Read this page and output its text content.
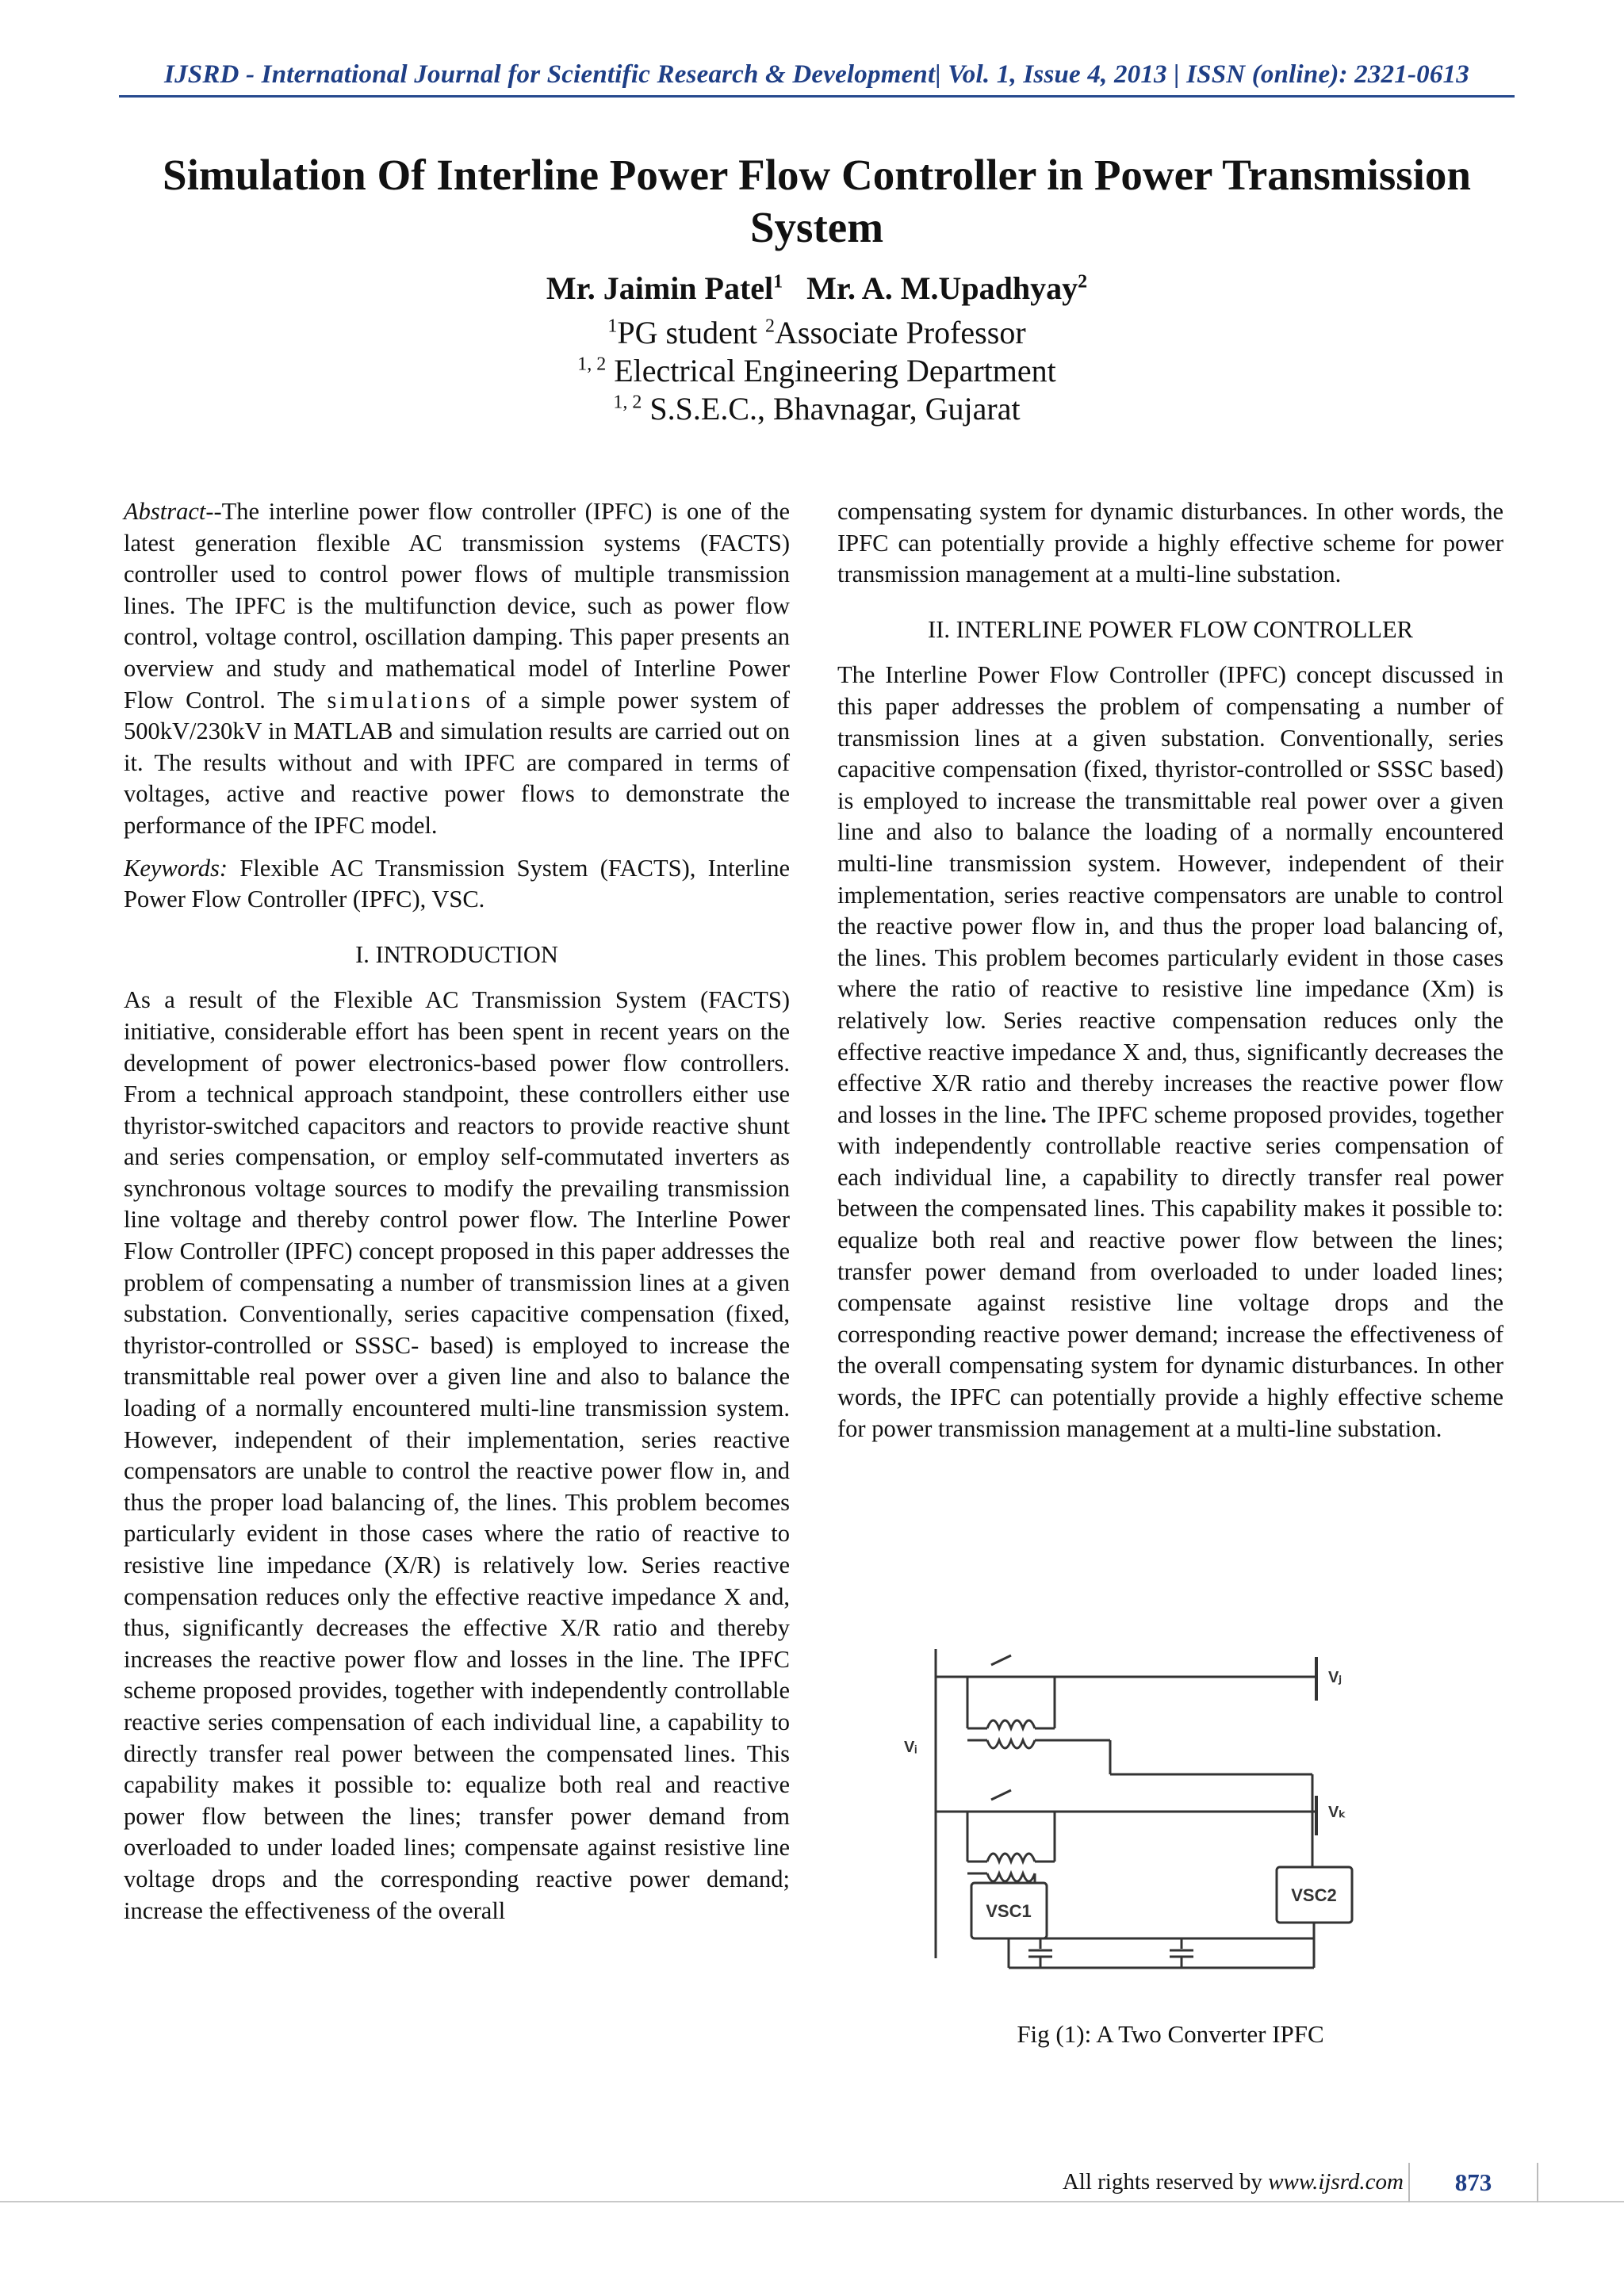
IJSRD - International Journal for Scientific Research & Development| Vol. 1, Issue 4, 2013 | ISSN (online): 2321-0613
Simulation Of Interline Power Flow Controller in Power Transmission System
Mr. Jaimin Patel$^1$ Mr. A. M.Upadhyay$^2$
$^1$PG student $^2$Associate Professor
$^{1, 2}$ Electrical Engineering Department
$^{1, 2}$ S.S.E.C., Bhavnagar, Gujarat

Abstract--The interline power flow controller (IPFC) is one of the latest generation flexible AC transmission systems (FACTS) controller used to control power flows of multiple transmission lines. The IPFC is the multifunction device, such as power flow control, voltage control, oscillation damping. This paper presents an overview and study and mathematical model of Interline Power Flow Control. The simulations of a simple power system of 500kV/230kV in MATLAB and simulation results are carried out on it. The results without and with IPFC are compared in terms of voltages, active and reactive power flows to demonstrate the performance of the IPFC model.

Keywords: Flexible AC Transmission System (FACTS), Interline Power Flow Controller (IPFC), VSC.

I. INTRODUCTION

As a result of the Flexible AC Transmission System (FACTS) initiative, considerable effort has been spent in recent years on the development of power electronics-based power flow controllers. From a technical approach standpoint, these controllers either use thyristor-switched capacitors and reactors to provide reactive shunt and series compensation, or employ self-commutated inverters as synchronous voltage sources to modify the prevailing transmission line voltage and thereby control power flow. The Interline Power Flow Controller (IPFC) concept proposed in this paper addresses the problem of compensating a number of transmission lines at a given substation. Conventionally, series capacitive compensation (fixed, thyristor-controlled or SSSC- based) is employed to increase the transmittable real power over a given line and also to balance the loading of a normally encountered multi-line transmission system. However, independent of their implementation, series reactive compensators are unable to control the reactive power flow in, and thus the proper load balancing of, the lines. This problem becomes particularly evident in those cases where the ratio of reactive to resistive line impedance (X/R) is relatively low. Series reactive compensation reduces only the effective reactive impedance X and, thus, significantly decreases the effective X/R ratio and thereby increases the reactive power flow and losses in the line. The IPFC scheme proposed provides, together with independently controllable reactive series compensation of each individual line, a capability to directly transfer real power between the compensated lines. This capability makes it possible to: equalize both real and reactive power flow between the lines; transfer power demand from overloaded to under loaded lines; compensate against resistive line voltage drops and the corresponding reactive power demand; increase the effectiveness of the overall

compensating system for dynamic disturbances. In other words, the IPFC can potentially provide a highly effective scheme for power transmission management at a multi-line substation.

II. INTERLINE POWER FLOW CONTROLLER

The Interline Power Flow Controller (IPFC) concept discussed in this paper addresses the problem of compensating a number of transmission lines at a given substation. Conventionally, series capacitive compensation (fixed, thyristor-controlled or SSSC based) is employed to increase the transmittable real power over a given line and also to balance the loading of a normally encountered multi-line transmission system. However, independent of their implementation, series reactive compensators are unable to control the reactive power flow in, and thus the proper load balancing of, the lines. This problem becomes particularly evident in those cases where the ratio of reactive to resistive line impedance (Xm) is relatively low. Series reactive compensation reduces only the effective reactive impedance X and, thus, significantly decreases the effective X/R ratio and thereby increases the reactive power flow and losses in the line. The IPFC scheme proposed provides, together with independently controllable reactive series compensation of each individual line, a capability to directly transfer real power between the compensated lines. This capability makes it possible to: equalize both real and reactive power flow between the lines; transfer power demand from overloaded to under loaded lines; compensate against resistive line voltage drops and the corresponding reactive power demand; increase the effectiveness of the overall compensating system for dynamic disturbances. In other words, the IPFC can potentially provide a highly effective scheme for power transmission management at a multi-line substation.

Vᵢ
Vⱼ
Vₖ
VSC1
VSC2
Fig (1): A Two Converter IPFC
All rights reserved by www.ijsrd.com	873
